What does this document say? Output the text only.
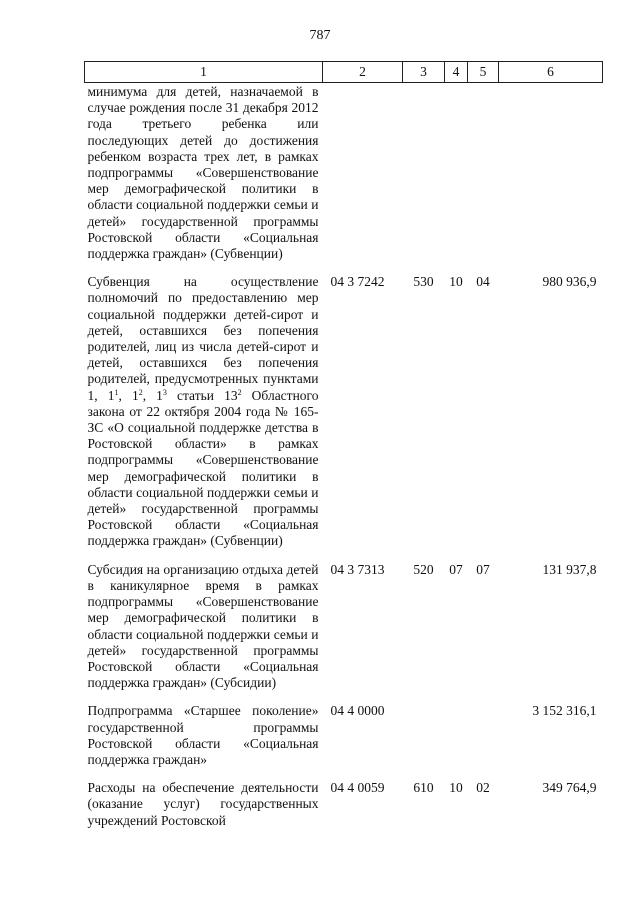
787
1	2	3	4	5	6
минимума для детей, назначаемой в случае рождения после 31 декабря 2012 года третьего ребенка или последующих детей до достижения ребенком возраста трех лет, в рамках подпрограммы «Совершенствование мер демографической политики в области социальной поддержки семьи и детей» государственной программы Ростовской области «Социальная поддержка граждан» (Субвенции)					
Субвенция на осуществление полномочий по предоставлению мер социальной поддержки детей-сирот и детей, оставшихся без попечения родителей, лиц из числа детей-сирот и детей, оставшихся без попечения родителей, предусмотренных пунктами 1, $1^1$, $1^2$, $1^3$ статьи $13^2$ Областного закона от 22 октября 2004 года № 165-ЗС «О социальной поддержке детства в Ростовской области» в рамках подпрограммы «Совершенствование мер демографической политики в области социальной поддержки семьи и детей» государственной программы Ростовской области «Социальная поддержка граждан» (Субвенции)	04 3 7242	530	10	04	980 936,9
Субсидия на организацию отдыха детей в каникулярное время в рамках подпрограммы «Совершенствование мер демографической политики в области социальной поддержки семьи и детей» государственной программы Ростовской области «Социальная поддержка граждан» (Субсидии)	04 3 7313	520	07	07	131 937,8
Подпрограмма «Старшее поколение» государственной программы Ростовской области «Социальная поддержка граждан»	04 4 0000				3 152 316,1
Расходы на обеспечение деятельности (оказание услуг) государственных учреждений Ростовской	04 4 0059	610	10	02	349 764,9
